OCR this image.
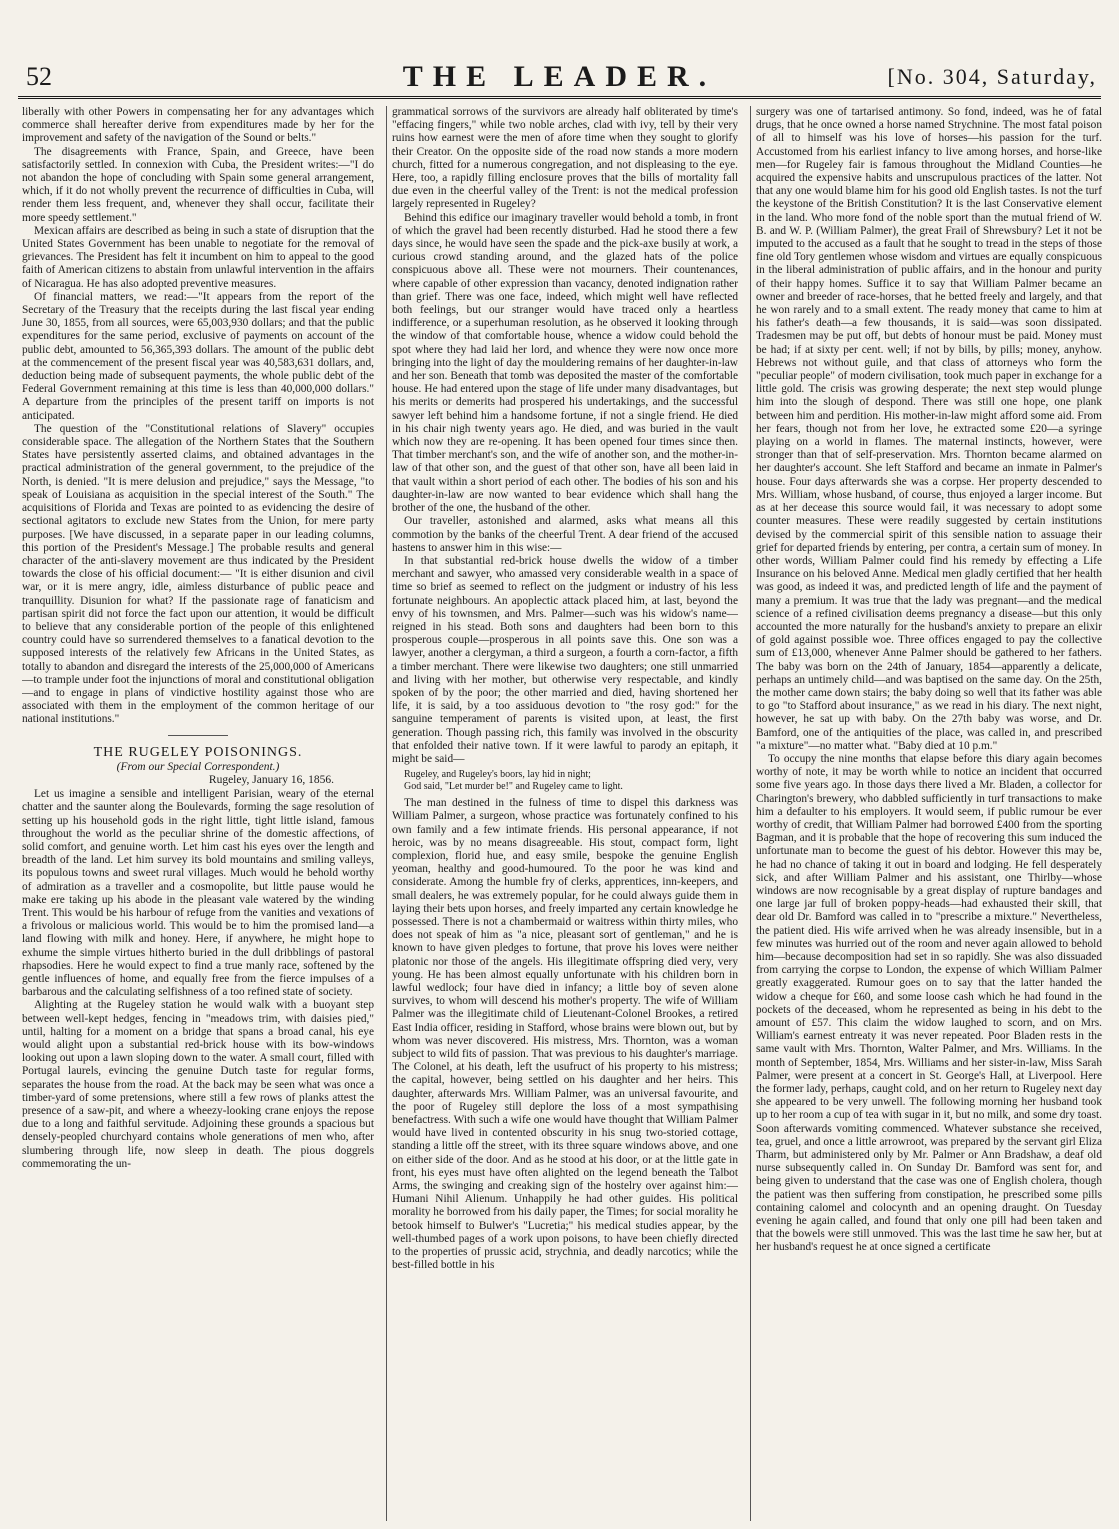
52	THE LEADER.	[No. 304, Saturday,

liberally with other Powers in compensating her for any advantages which commerce shall hereafter derive from expenditures made by her for the improvement and safety of the navigation of the Sound or belts."

The disagreements with France, Spain, and Greece, have been satisfactorily settled. In connexion with Cuba, the President writes:—"I do not abandon the hope of concluding with Spain some general arrangement, which, if it do not wholly prevent the recurrence of difficulties in Cuba, will render them less frequent, and, whenever they shall occur, facilitate their more speedy settlement."

Mexican affairs are described as being in such a state of disruption that the United States Government has been unable to negotiate for the removal of grievances. The President has felt it incumbent on him to appeal to the good faith of American citizens to abstain from unlawful intervention in the affairs of Nicaragua. He has also adopted preventive measures.

Of financial matters, we read:—"It appears from the report of the Secretary of the Treasury that the receipts during the last fiscal year ending June 30, 1855, from all sources, were 65,003,930 dollars; and that the public expenditures for the same period, exclusive of payments on account of the public debt, amounted to 56,365,393 dollars. The amount of the public debt at the commencement of the present fiscal year was 40,583,631 dollars, and, deduction being made of subsequent payments, the whole public debt of the Federal Government remaining at this time is less than 40,000,000 dollars." A departure from the principles of the present tariff on imports is not anticipated.

The question of the "Constitutional relations of Slavery" occupies considerable space. The allegation of the Northern States that the Southern States have persistently asserted claims, and obtained advantages in the practical administration of the general government, to the prejudice of the North, is denied. "It is mere delusion and prejudice," says the Message, "to speak of Louisiana as acquisition in the special interest of the South." The acquisitions of Florida and Texas are pointed to as evidencing the desire of sectional agitators to exclude new States from the Union, for mere party purposes. [We have discussed, in a separate paper in our leading columns, this portion of the President's Message.] The probable results and general character of the anti-slavery movement are thus indicated by the President towards the close of his official document:— "It is either disunion and civil war, or it is mere angry, idle, aimless disturbance of public peace and tranquillity. Disunion for what? If the passionate rage of fanaticism and partisan spirit did not force the fact upon our attention, it would be difficult to believe that any considerable portion of the people of this enlightened country could have so surrendered themselves to a fanatical devotion to the supposed interests of the relatively few Africans in the United States, as totally to abandon and disregard the interests of the 25,000,000 of Americans—to trample under foot the injunctions of moral and constitutional obligation—and to engage in plans of vindictive hostility against those who are associated with them in the employment of the common heritage of our national institutions."

THE RUGELEY POISONINGS.
(From our Special Correspondent.)
Rugeley, January 16, 1856.

Let us imagine a sensible and intelligent Parisian, weary of the eternal chatter and the saunter along the Boulevards, forming the sage resolution of setting up his household gods in the right little, tight little island, famous throughout the world as the peculiar shrine of the domestic affections, of solid comfort, and genuine worth. Let him cast his eyes over the length and breadth of the land. Let him survey its bold mountains and smiling valleys, its populous towns and sweet rural villages. Much would he behold worthy of admiration as a traveller and a cosmopolite, but little pause would he make ere taking up his abode in the pleasant vale watered by the winding Trent. This would be his harbour of refuge from the vanities and vexations of a frivolous or malicious world. This would be to him the promised land—a land flowing with milk and honey. Here, if anywhere, he might hope to exhume the simple virtues hitherto buried in the dull dribblings of pastoral rhapsodies. Here he would expect to find a true manly race, softened by the gentle influences of home, and equally free from the fierce impulses of a barbarous and the calculating selfishness of a too refined state of society.

Alighting at the Rugeley station he would walk with a buoyant step between well-kept hedges, fencing in "meadows trim, with daisies pied," until, halting for a moment on a bridge that spans a broad canal, his eye would alight upon a substantial red-brick house with its bow-windows looking out upon a lawn sloping down to the water. A small court, filled with Portugal laurels, evincing the genuine Dutch taste for regular forms, separates the house from the road. At the back may be seen what was once a timber-yard of some pretensions, where still a few rows of planks attest the presence of a saw-pit, and where a wheezy-looking crane enjoys the repose due to a long and faithful servitude. Adjoining these grounds a spacious but densely-peopled churchyard contains whole generations of men who, after slumbering through life, now sleep in death. The pious doggrels commemorating the un-

grammatical sorrows of the survivors are already half obliterated by time's "effacing fingers," while two noble arches, clad with ivy, tell by their very ruins how earnest were the men of afore time when they sought to glorify their Creator. On the opposite side of the road now stands a more modern church, fitted for a numerous congregation, and not displeasing to the eye. Here, too, a rapidly filling enclosure proves that the bills of mortality fall due even in the cheerful valley of the Trent: is not the medical profession largely represented in Rugeley?

Behind this edifice our imaginary traveller would behold a tomb, in front of which the gravel had been recently disturbed. Had he stood there a few days since, he would have seen the spade and the pick-axe busily at work, a curious crowd standing around, and the glazed hats of the police conspicuous above all. These were not mourners. Their countenances, where capable of other expression than vacancy, denoted indignation rather than grief. There was one face, indeed, which might well have reflected both feelings, but our stranger would have traced only a heartless indifference, or a superhuman resolution, as he observed it looking through the window of that comfortable house, whence a widow could behold the spot where they had laid her lord, and whence they were now once more bringing into the light of day the mouldering remains of her daughter-in-law and her son. Beneath that tomb was deposited the master of the comfortable house. He had entered upon the stage of life under many disadvantages, but his merits or demerits had prospered his undertakings, and the successful sawyer left behind him a handsome fortune, if not a single friend. He died in his chair nigh twenty years ago. He died, and was buried in the vault which now they are re-opening. It has been opened four times since then. That timber merchant's son, and the wife of another son, and the mother-in-law of that other son, and the guest of that other son, have all been laid in that vault within a short period of each other. The bodies of his son and his daughter-in-law are now wanted to bear evidence which shall hang the brother of the one, the husband of the other.

Our traveller, astonished and alarmed, asks what means all this commotion by the banks of the cheerful Trent. A dear friend of the accused hastens to answer him in this wise:—

In that substantial red-brick house dwells the widow of a timber merchant and sawyer, who amassed very considerable wealth in a space of time so brief as seemed to reflect on the judgment or industry of his less fortunate neighbours. An apoplectic attack placed him, at last, beyond the envy of his townsmen, and Mrs. Palmer—such was his widow's name—reigned in his stead. Both sons and daughters had been born to this prosperous couple—prosperous in all points save this. One son was a lawyer, another a clergyman, a third a surgeon, a fourth a corn-factor, a fifth a timber merchant. There were likewise two daughters; one still unmarried and living with her mother, but otherwise very respectable, and kindly spoken of by the poor; the other married and died, having shortened her life, it is said, by a too assiduous devotion to "the rosy god:" for the sanguine temperament of parents is visited upon, at least, the first generation. Though passing rich, this family was involved in the obscurity that enfolded their native town. If it were lawful to parody an epitaph, it might be said—

Rugeley, and Rugeley's boors, lay hid in night;
God said, "Let murder be!" and Rugeley came to light.

The man destined in the fulness of time to dispel this darkness was William Palmer, a surgeon, whose practice was fortunately confined to his own family and a few intimate friends. His personal appearance, if not heroic, was by no means disagreeable. His stout, compact form, light complexion, florid hue, and easy smile, bespoke the genuine English yeoman, healthy and good-humoured. To the poor he was kind and considerate. Among the humble fry of clerks, apprentices, inn-keepers, and small dealers, he was extremely popular, for he could always guide them in laying their bets upon horses, and freely imparted any certain knowledge he possessed. There is not a chambermaid or waitress within thirty miles, who does not speak of him as "a nice, pleasant sort of gentleman," and he is known to have given pledges to fortune, that prove his loves were neither platonic nor those of the angels. His illegitimate offspring died very, very young. He has been almost equally unfortunate with his children born in lawful wedlock; four have died in infancy; a little boy of seven alone survives, to whom will descend his mother's property. The wife of William Palmer was the illegitimate child of Lieutenant-Colonel Brookes, a retired East India officer, residing in Stafford, whose brains were blown out, but by whom was never discovered. His mistress, Mrs. Thornton, was a woman subject to wild fits of passion. That was previous to his daughter's marriage. The Colonel, at his death, left the usufruct of his property to his mistress; the capital, however, being settled on his daughter and her heirs. This daughter, afterwards Mrs. William Palmer, was an universal favourite, and the poor of Rugeley still deplore the loss of a most sympathising benefactress. With such a wife one would have thought that William Palmer would have lived in contented obscurity in his snug two-storied cottage, standing a little off the street, with its three square windows above, and one on either side of the door. And as he stood at his door, or at the little gate in front, his eyes must have often alighted on the legend beneath the Talbot Arms, the swinging and creaking sign of the hostelry over against him:—Humani Nihil Alienum. Unhappily he had other guides. His political morality he borrowed from his daily paper, the Times; for social morality he betook himself to Bulwer's "Lucretia;" his medical studies appear, by the well-thumbed pages of a work upon poisons, to have been chiefly directed to the properties of prussic acid, strychnia, and deadly narcotics; while the best-filled bottle in his

surgery was one of tartarised antimony. So fond, indeed, was he of fatal drugs, that he once owned a horse named Strychnine. The most fatal poison of all to himself was his love of horses—his passion for the turf. Accustomed from his earliest infancy to live among horses, and horse-like men—for Rugeley fair is famous throughout the Midland Counties—he acquired the expensive habits and unscrupulous practices of the latter. Not that any one would blame him for his good old English tastes. Is not the turf the keystone of the British Constitution? It is the last Conservative element in the land. Who more fond of the noble sport than the mutual friend of W. B. and W. P. (William Palmer), the great Frail of Shrewsbury? Let it not be imputed to the accused as a fault that he sought to tread in the steps of those fine old Tory gentlemen whose wisdom and virtues are equally conspicuous in the liberal administration of public affairs, and in the honour and purity of their happy homes. Suffice it to say that William Palmer became an owner and breeder of race-horses, that he betted freely and largely, and that he won rarely and to a small extent. The ready money that came to him at his father's death—a few thousands, it is said—was soon dissipated. Tradesmen may be put off, but debts of honour must be paid. Money must be had; if at sixty per cent. well; if not by bills, by pills; money, anyhow. Hebrews not without guile, and that class of attorneys who form the "peculiar people" of modern civilisation, took much paper in exchange for a little gold. The crisis was growing desperate; the next step would plunge him into the slough of despond. There was still one hope, one plank between him and perdition. His mother-in-law might afford some aid. From her fears, though not from her love, he extracted some £20—a syringe playing on a world in flames. The maternal instincts, however, were stronger than that of self-preservation. Mrs. Thornton became alarmed on her daughter's account. She left Stafford and became an inmate in Palmer's house. Four days afterwards she was a corpse. Her property descended to Mrs. William, whose husband, of course, thus enjoyed a larger income. But as at her decease this source would fail, it was necessary to adopt some counter measures. These were readily suggested by certain institutions devised by the commercial spirit of this sensible nation to assuage their grief for departed friends by entering, per contra, a certain sum of money. In other words, William Palmer could find his remedy by effecting a Life Insurance on his beloved Anne. Medical men gladly certified that her health was good, as indeed it was, and predicted length of life and the payment of many a premium. It was true that the lady was pregnant—and the medical science of a refined civilisation deems pregnancy a disease—but this only accounted the more naturally for the husband's anxiety to prepare an elixir of gold against possible woe. Three offices engaged to pay the collective sum of £13,000, whenever Anne Palmer should be gathered to her fathers. The baby was born on the 24th of January, 1854—apparently a delicate, perhaps an untimely child—and was baptised on the same day. On the 25th, the mother came down stairs; the baby doing so well that its father was able to go "to Stafford about insurance," as we read in his diary. The next night, however, he sat up with baby. On the 27th baby was worse, and Dr. Bamford, one of the antiquities of the place, was called in, and prescribed "a mixture"—no matter what. "Baby died at 10 p.m."

To occupy the nine months that elapse before this diary again becomes worthy of note, it may be worth while to notice an incident that occurred some five years ago. In those days there lived a Mr. Bladen, a collector for Charington's brewery, who dabbled sufficiently in turf transactions to make him a defaulter to his employers. It would seem, if public rumour be ever worthy of credit, that William Palmer had borrowed £400 from the sporting Bagman, and it is probable that the hope of recovering this sum induced the unfortunate man to become the guest of his debtor. However this may be, he had no chance of taking it out in board and lodging. He fell desperately sick, and after William Palmer and his assistant, one Thirlby—whose windows are now recognisable by a great display of rupture bandages and one large jar full of broken poppy-heads—had exhausted their skill, that dear old Dr. Bamford was called in to "prescribe a mixture." Nevertheless, the patient died. His wife arrived when he was already insensible, but in a few minutes was hurried out of the room and never again allowed to behold him—because decomposition had set in so rapidly. She was also dissuaded from carrying the corpse to London, the expense of which William Palmer greatly exaggerated. Rumour goes on to say that the latter handed the widow a cheque for £60, and some loose cash which he had found in the pockets of the deceased, whom he represented as being in his debt to the amount of £57. This claim the widow laughed to scorn, and on Mrs. William's earnest entreaty it was never repeated. Poor Bladen rests in the same vault with Mrs. Thornton, Walter Palmer, and Mrs. Williams. In the month of September, 1854, Mrs. Williams and her sister-in-law, Miss Sarah Palmer, were present at a concert in St. George's Hall, at Liverpool. Here the former lady, perhaps, caught cold, and on her return to Rugeley next day she appeared to be very unwell. The following morning her husband took up to her room a cup of tea with sugar in it, but no milk, and some dry toast. Soon afterwards vomiting commenced. Whatever substance she received, tea, gruel, and once a little arrowroot, was prepared by the servant girl Eliza Tharm, but administered only by Mr. Palmer or Ann Bradshaw, a deaf old nurse subsequently called in. On Sunday Dr. Bamford was sent for, and being given to understand that the case was one of English cholera, though the patient was then suffering from constipation, he prescribed some pills containing calomel and colocynth and an opening draught. On Tuesday evening he again called, and found that only one pill had been taken and that the bowels were still unmoved. This was the last time he saw her, but at her husband's request he at once signed a certificate
